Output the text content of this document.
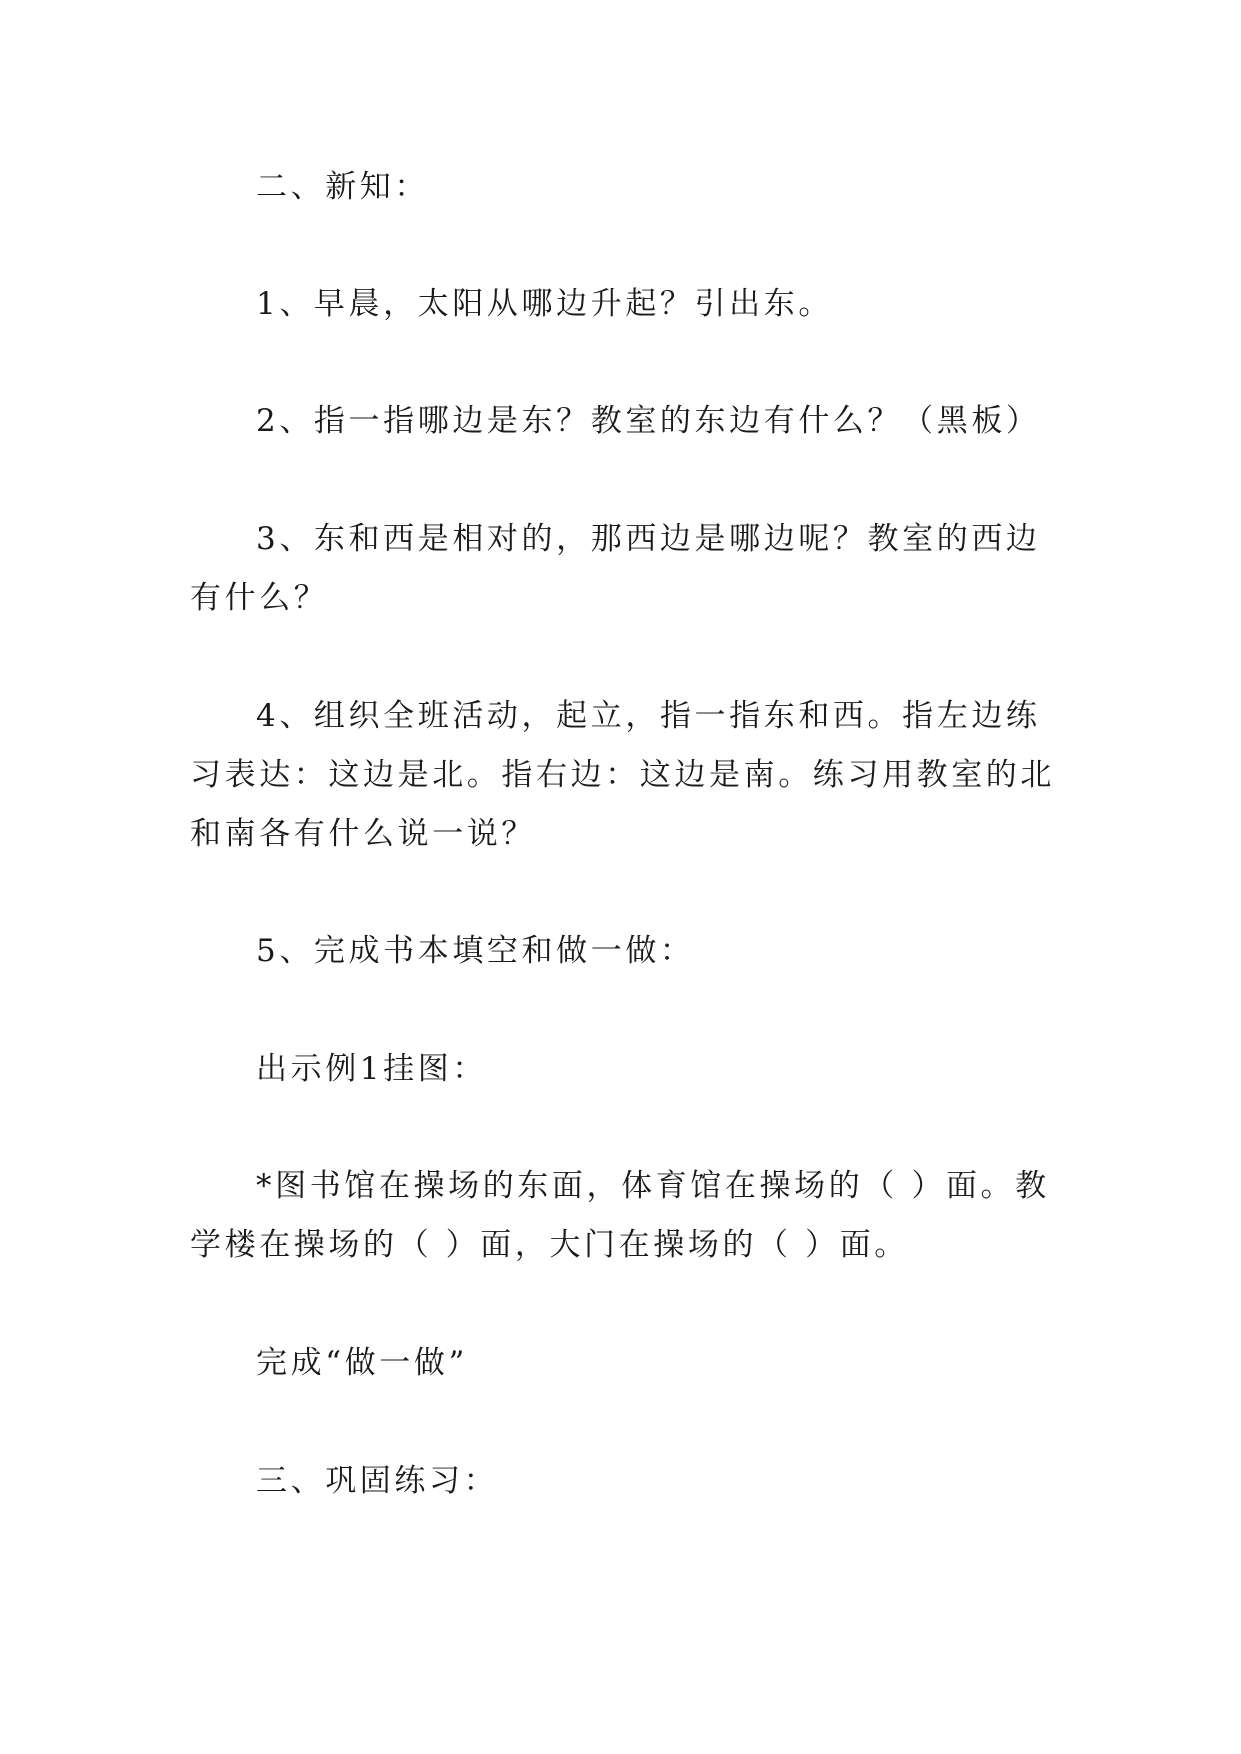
二、新知：

1、早晨，太阳从哪边升起？引出东。

2、指一指哪边是东？教室的东边有什么？（黑板）

3、东和西是相对的，那西边是哪边呢？教室的西边有什么？

4、组织全班活动，起立，指一指东和西。指左边练习表达：这边是北。指右边：这边是南。练习用教室的北和南各有什么说一说？

5、完成书本填空和做一做：

出示例1挂图：

*图书馆在操场的东面，体育馆在操场的（ ）面。教学楼在操场的（ ）面，大门在操场的（ ）面。

完成“做一做”

三、巩固练习：
